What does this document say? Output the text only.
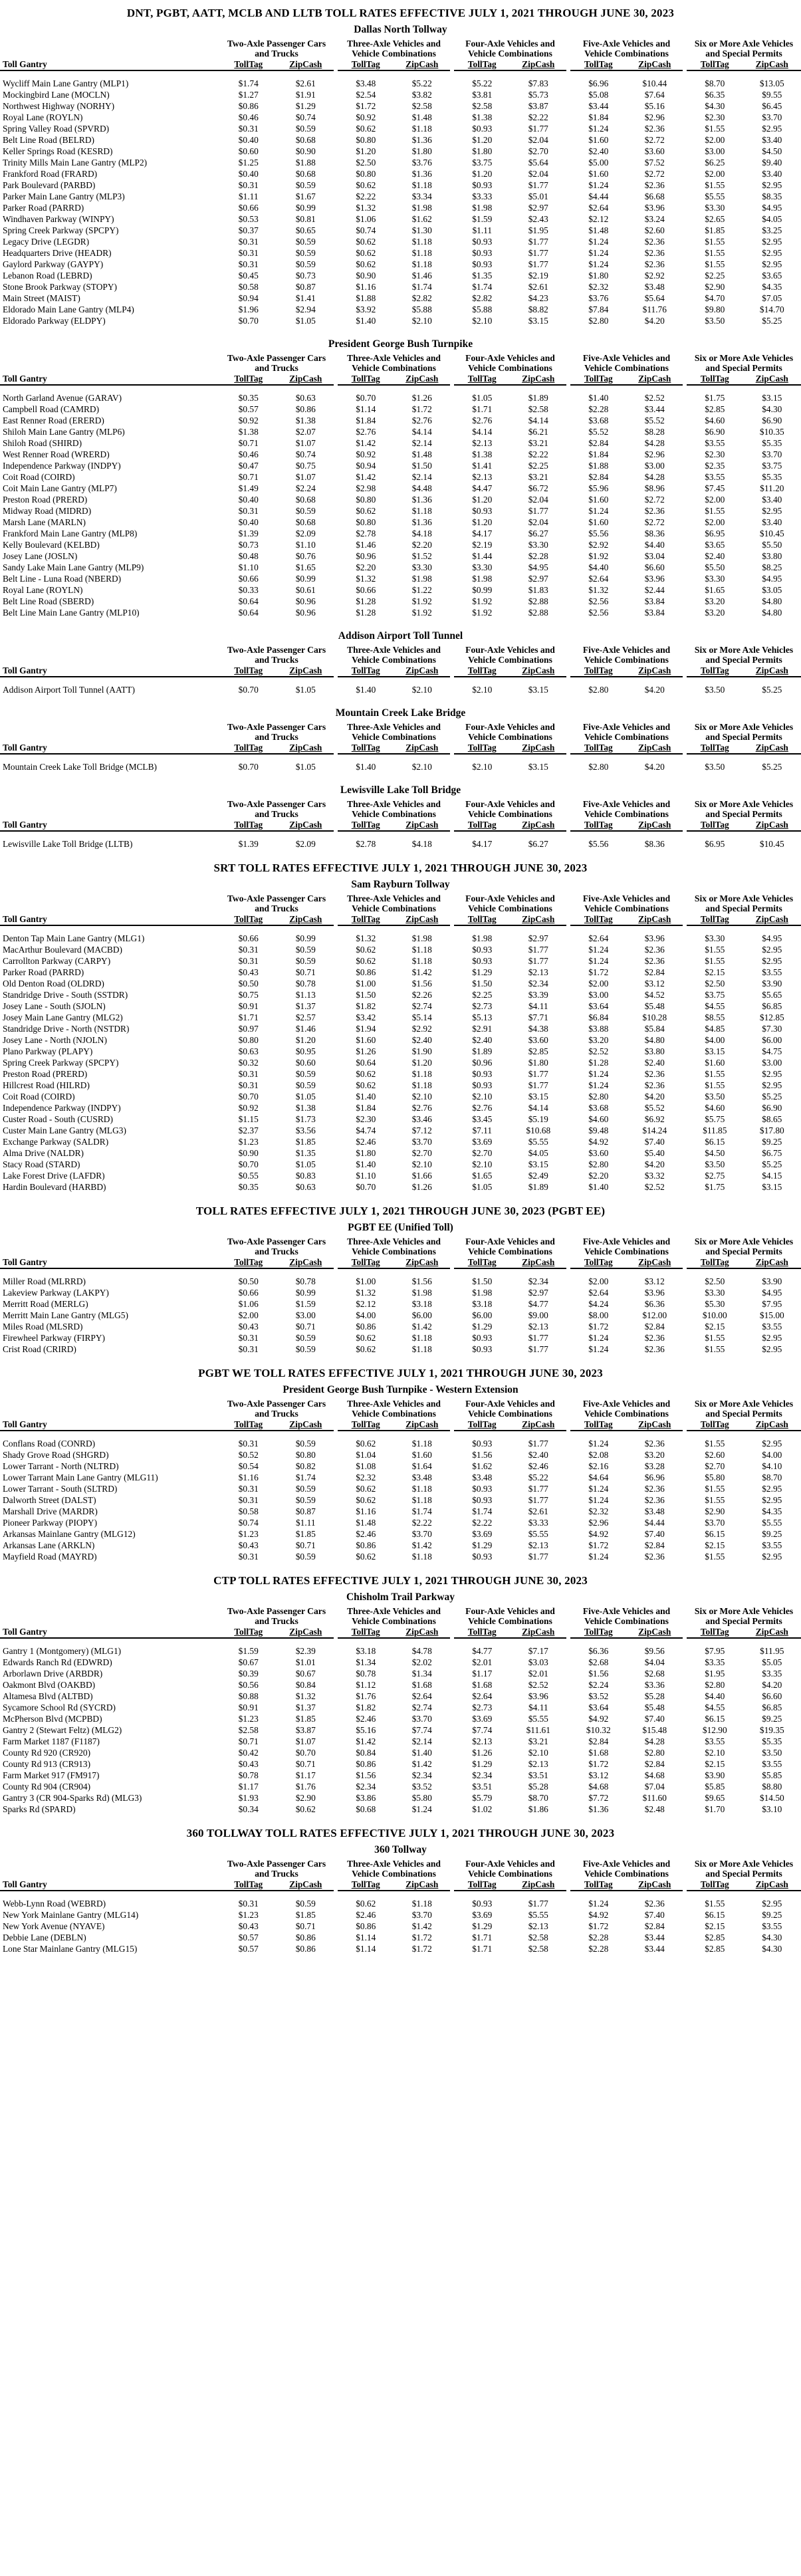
DNT, PGBT, AATT, MCLB AND LLTB TOLL RATES EFFECTIVE JULY 1, 2021 THROUGH JUNE 30, 2023
Dallas North Tollway
	Two-Axle Passenger Cars and Trucks		Three-Axle Vehicles and Vehicle Combinations		Four-Axle Vehicles and Vehicle Combinations		Five-Axle Vehicles and Vehicle Combinations		Six or More Axle Vehicles and Special Permits	
Toll Gantry	TollTag	ZipCash	TollTag	ZipCash	TollTag	ZipCash	TollTag	ZipCash	TollTag	ZipCash

Wycliff Main Lane Gantry (MLP1)	$1.74	$2.61	$3.48	$5.22	$5.22	$7.83	$6.96	$10.44	$8.70	$13.05
Mockingbird Lane (MOCLN)	$1.27	$1.91	$2.54	$3.82	$3.81	$5.73	$5.08	$7.64	$6.35	$9.55
Northwest Highway (NORHY)	$0.86	$1.29	$1.72	$2.58	$2.58	$3.87	$3.44	$5.16	$4.30	$6.45
Royal Lane (ROYLN)	$0.46	$0.74	$0.92	$1.48	$1.38	$2.22	$1.84	$2.96	$2.30	$3.70
Spring Valley Road (SPVRD)	$0.31	$0.59	$0.62	$1.18	$0.93	$1.77	$1.24	$2.36	$1.55	$2.95
Belt Line Road (BELRD)	$0.40	$0.68	$0.80	$1.36	$1.20	$2.04	$1.60	$2.72	$2.00	$3.40
Keller Springs Road (KESRD)	$0.60	$0.90	$1.20	$1.80	$1.80	$2.70	$2.40	$3.60	$3.00	$4.50
Trinity Mills Main Lane Gantry (MLP2)	$1.25	$1.88	$2.50	$3.76	$3.75	$5.64	$5.00	$7.52	$6.25	$9.40
Frankford Road (FRARD)	$0.40	$0.68	$0.80	$1.36	$1.20	$2.04	$1.60	$2.72	$2.00	$3.40
Park Boulevard (PARBD)	$0.31	$0.59	$0.62	$1.18	$0.93	$1.77	$1.24	$2.36	$1.55	$2.95
Parker Main Lane Gantry (MLP3)	$1.11	$1.67	$2.22	$3.34	$3.33	$5.01	$4.44	$6.68	$5.55	$8.35
Parker Road (PARRD)	$0.66	$0.99	$1.32	$1.98	$1.98	$2.97	$2.64	$3.96	$3.30	$4.95
Windhaven Parkway (WINPY)	$0.53	$0.81	$1.06	$1.62	$1.59	$2.43	$2.12	$3.24	$2.65	$4.05
Spring Creek Parkway (SPCPY)	$0.37	$0.65	$0.74	$1.30	$1.11	$1.95	$1.48	$2.60	$1.85	$3.25
Legacy Drive (LEGDR)	$0.31	$0.59	$0.62	$1.18	$0.93	$1.77	$1.24	$2.36	$1.55	$2.95
Headquarters Drive (HEADR)	$0.31	$0.59	$0.62	$1.18	$0.93	$1.77	$1.24	$2.36	$1.55	$2.95
Gaylord Parkway (GAYPY)	$0.31	$0.59	$0.62	$1.18	$0.93	$1.77	$1.24	$2.36	$1.55	$2.95
Lebanon Road (LEBRD)	$0.45	$0.73	$0.90	$1.46	$1.35	$2.19	$1.80	$2.92	$2.25	$3.65
Stone Brook Parkway (STOPY)	$0.58	$0.87	$1.16	$1.74	$1.74	$2.61	$2.32	$3.48	$2.90	$4.35
Main Street (MAIST)	$0.94	$1.41	$1.88	$2.82	$2.82	$4.23	$3.76	$5.64	$4.70	$7.05
Eldorado Main Lane Gantry (MLP4)	$1.96	$2.94	$3.92	$5.88	$5.88	$8.82	$7.84	$11.76	$9.80	$14.70
Eldorado Parkway (ELDPY)	$0.70	$1.05	$1.40	$2.10	$2.10	$3.15	$2.80	$4.20	$3.50	$5.25
President George Bush Turnpike
	Two-Axle Passenger Cars and Trucks		Three-Axle Vehicles and Vehicle Combinations		Four-Axle Vehicles and Vehicle Combinations		Five-Axle Vehicles and Vehicle Combinations		Six or More Axle Vehicles and Special Permits	
Toll Gantry	TollTag	ZipCash	TollTag	ZipCash	TollTag	ZipCash	TollTag	ZipCash	TollTag	ZipCash

North Garland Avenue (GARAV)	$0.35	$0.63	$0.70	$1.26	$1.05	$1.89	$1.40	$2.52	$1.75	$3.15
Campbell Road (CAMRD)	$0.57	$0.86	$1.14	$1.72	$1.71	$2.58	$2.28	$3.44	$2.85	$4.30
East Renner Road (ERERD)	$0.92	$1.38	$1.84	$2.76	$2.76	$4.14	$3.68	$5.52	$4.60	$6.90
Shiloh Main Lane Gantry (MLP6)	$1.38	$2.07	$2.76	$4.14	$4.14	$6.21	$5.52	$8.28	$6.90	$10.35
Shiloh Road (SHIRD)	$0.71	$1.07	$1.42	$2.14	$2.13	$3.21	$2.84	$4.28	$3.55	$5.35
West Renner Road (WRERD)	$0.46	$0.74	$0.92	$1.48	$1.38	$2.22	$1.84	$2.96	$2.30	$3.70
Independence Parkway (INDPY)	$0.47	$0.75	$0.94	$1.50	$1.41	$2.25	$1.88	$3.00	$2.35	$3.75
Coit Road (COIRD)	$0.71	$1.07	$1.42	$2.14	$2.13	$3.21	$2.84	$4.28	$3.55	$5.35
Coit Main Lane Gantry (MLP7)	$1.49	$2.24	$2.98	$4.48	$4.47	$6.72	$5.96	$8.96	$7.45	$11.20
Preston Road (PRERD)	$0.40	$0.68	$0.80	$1.36	$1.20	$2.04	$1.60	$2.72	$2.00	$3.40
Midway Road (MIDRD)	$0.31	$0.59	$0.62	$1.18	$0.93	$1.77	$1.24	$2.36	$1.55	$2.95
Marsh Lane (MARLN)	$0.40	$0.68	$0.80	$1.36	$1.20	$2.04	$1.60	$2.72	$2.00	$3.40
Frankford Main Lane Gantry (MLP8)	$1.39	$2.09	$2.78	$4.18	$4.17	$6.27	$5.56	$8.36	$6.95	$10.45
Kelly Boulevard (KELBD)	$0.73	$1.10	$1.46	$2.20	$2.19	$3.30	$2.92	$4.40	$3.65	$5.50
Josey Lane (JOSLN)	$0.48	$0.76	$0.96	$1.52	$1.44	$2.28	$1.92	$3.04	$2.40	$3.80
Sandy Lake Main Lane Gantry (MLP9)	$1.10	$1.65	$2.20	$3.30	$3.30	$4.95	$4.40	$6.60	$5.50	$8.25
Belt Line - Luna Road (NBERD)	$0.66	$0.99	$1.32	$1.98	$1.98	$2.97	$2.64	$3.96	$3.30	$4.95
Royal Lane (ROYLN)	$0.33	$0.61	$0.66	$1.22	$0.99	$1.83	$1.32	$2.44	$1.65	$3.05
Belt Line Road (SBERD)	$0.64	$0.96	$1.28	$1.92	$1.92	$2.88	$2.56	$3.84	$3.20	$4.80
Belt Line Main Lane Gantry (MLP10)	$0.64	$0.96	$1.28	$1.92	$1.92	$2.88	$2.56	$3.84	$3.20	$4.80
Addison Airport Toll Tunnel
	Two-Axle Passenger Cars and Trucks		Three-Axle Vehicles and Vehicle Combinations		Four-Axle Vehicles and Vehicle Combinations		Five-Axle Vehicles and Vehicle Combinations		Six or More Axle Vehicles and Special Permits	
Toll Gantry	TollTag	ZipCash	TollTag	ZipCash	TollTag	ZipCash	TollTag	ZipCash	TollTag	ZipCash

Addison Airport Toll Tunnel (AATT)	$0.70	$1.05	$1.40	$2.10	$2.10	$3.15	$2.80	$4.20	$3.50	$5.25
Mountain Creek Lake Bridge
	Two-Axle Passenger Cars and Trucks		Three-Axle Vehicles and Vehicle Combinations		Four-Axle Vehicles and Vehicle Combinations		Five-Axle Vehicles and Vehicle Combinations		Six or More Axle Vehicles and Special Permits	
Toll Gantry	TollTag	ZipCash	TollTag	ZipCash	TollTag	ZipCash	TollTag	ZipCash	TollTag	ZipCash

Mountain Creek Lake Toll Bridge (MCLB)	$0.70	$1.05	$1.40	$2.10	$2.10	$3.15	$2.80	$4.20	$3.50	$5.25
Lewisville Lake Toll Bridge
	Two-Axle Passenger Cars and Trucks		Three-Axle Vehicles and Vehicle Combinations		Four-Axle Vehicles and Vehicle Combinations		Five-Axle Vehicles and Vehicle Combinations		Six or More Axle Vehicles and Special Permits	
Toll Gantry	TollTag	ZipCash	TollTag	ZipCash	TollTag	ZipCash	TollTag	ZipCash	TollTag	ZipCash

Lewisville Lake Toll Bridge (LLTB)	$1.39	$2.09	$2.78	$4.18	$4.17	$6.27	$5.56	$8.36	$6.95	$10.45
SRT TOLL RATES EFFECTIVE JULY 1, 2021 THROUGH JUNE 30, 2023
Sam Rayburn Tollway
	Two-Axle Passenger Cars and Trucks		Three-Axle Vehicles and Vehicle Combinations		Four-Axle Vehicles and Vehicle Combinations		Five-Axle Vehicles and Vehicle Combinations		Six or More Axle Vehicles and Special Permits	
Toll Gantry	TollTag	ZipCash	TollTag	ZipCash	TollTag	ZipCash	TollTag	ZipCash	TollTag	ZipCash

Denton Tap Main Lane Gantry (MLG1)	$0.66	$0.99	$1.32	$1.98	$1.98	$2.97	$2.64	$3.96	$3.30	$4.95
MacArthur Boulevard (MACBD)	$0.31	$0.59	$0.62	$1.18	$0.93	$1.77	$1.24	$2.36	$1.55	$2.95
Carrollton Parkway (CARPY)	$0.31	$0.59	$0.62	$1.18	$0.93	$1.77	$1.24	$2.36	$1.55	$2.95
Parker Road (PARRD)	$0.43	$0.71	$0.86	$1.42	$1.29	$2.13	$1.72	$2.84	$2.15	$3.55
Old Denton Road (OLDRD)	$0.50	$0.78	$1.00	$1.56	$1.50	$2.34	$2.00	$3.12	$2.50	$3.90
Standridge Drive - South (SSTDR)	$0.75	$1.13	$1.50	$2.26	$2.25	$3.39	$3.00	$4.52	$3.75	$5.65
Josey Lane - South (SJOLN)	$0.91	$1.37	$1.82	$2.74	$2.73	$4.11	$3.64	$5.48	$4.55	$6.85
Josey Main Lane Gantry (MLG2)	$1.71	$2.57	$3.42	$5.14	$5.13	$7.71	$6.84	$10.28	$8.55	$12.85
Standridge Drive - North (NSTDR)	$0.97	$1.46	$1.94	$2.92	$2.91	$4.38	$3.88	$5.84	$4.85	$7.30
Josey Lane - North (NJOLN)	$0.80	$1.20	$1.60	$2.40	$2.40	$3.60	$3.20	$4.80	$4.00	$6.00
Plano Parkway (PLAPY)	$0.63	$0.95	$1.26	$1.90	$1.89	$2.85	$2.52	$3.80	$3.15	$4.75
Spring Creek Parkway (SPCPY)	$0.32	$0.60	$0.64	$1.20	$0.96	$1.80	$1.28	$2.40	$1.60	$3.00
Preston Road (PRERD)	$0.31	$0.59	$0.62	$1.18	$0.93	$1.77	$1.24	$2.36	$1.55	$2.95
Hillcrest Road (HILRD)	$0.31	$0.59	$0.62	$1.18	$0.93	$1.77	$1.24	$2.36	$1.55	$2.95
Coit Road (COIRD)	$0.70	$1.05	$1.40	$2.10	$2.10	$3.15	$2.80	$4.20	$3.50	$5.25
Independence Parkway (INDPY)	$0.92	$1.38	$1.84	$2.76	$2.76	$4.14	$3.68	$5.52	$4.60	$6.90
Custer Road - South (CUSRD)	$1.15	$1.73	$2.30	$3.46	$3.45	$5.19	$4.60	$6.92	$5.75	$8.65
Custer Main Lane Gantry (MLG3)	$2.37	$3.56	$4.74	$7.12	$7.11	$10.68	$9.48	$14.24	$11.85	$17.80
Exchange Parkway (SALDR)	$1.23	$1.85	$2.46	$3.70	$3.69	$5.55	$4.92	$7.40	$6.15	$9.25
Alma Drive (NALDR)	$0.90	$1.35	$1.80	$2.70	$2.70	$4.05	$3.60	$5.40	$4.50	$6.75
Stacy Road (STARD)	$0.70	$1.05	$1.40	$2.10	$2.10	$3.15	$2.80	$4.20	$3.50	$5.25
Lake Forest Drive (LAFDR)	$0.55	$0.83	$1.10	$1.66	$1.65	$2.49	$2.20	$3.32	$2.75	$4.15
Hardin Boulevard (HARBD)	$0.35	$0.63	$0.70	$1.26	$1.05	$1.89	$1.40	$2.52	$1.75	$3.15
TOLL RATES EFFECTIVE JULY 1, 2021 THROUGH JUNE 30, 2023 (PGBT EE)
PGBT EE (Unified Toll)
	Two-Axle Passenger Cars and Trucks		Three-Axle Vehicles and Vehicle Combinations		Four-Axle Vehicles and Vehicle Combinations		Five-Axle Vehicles and Vehicle Combinations		Six or More Axle Vehicles and Special Permits	
Toll Gantry	TollTag	ZipCash	TollTag	ZipCash	TollTag	ZipCash	TollTag	ZipCash	TollTag	ZipCash

Miller Road (MLRRD)	$0.50	$0.78	$1.00	$1.56	$1.50	$2.34	$2.00	$3.12	$2.50	$3.90
Lakeview Parkway (LAKPY)	$0.66	$0.99	$1.32	$1.98	$1.98	$2.97	$2.64	$3.96	$3.30	$4.95
Merritt Road (MERLG)	$1.06	$1.59	$2.12	$3.18	$3.18	$4.77	$4.24	$6.36	$5.30	$7.95
Merritt Main Lane Gantry (MLG5)	$2.00	$3.00	$4.00	$6.00	$6.00	$9.00	$8.00	$12.00	$10.00	$15.00
Miles Road (MLSRD)	$0.43	$0.71	$0.86	$1.42	$1.29	$2.13	$1.72	$2.84	$2.15	$3.55
Firewheel Parkway (FIRPY)	$0.31	$0.59	$0.62	$1.18	$0.93	$1.77	$1.24	$2.36	$1.55	$2.95
Crist Road (CRIRD)	$0.31	$0.59	$0.62	$1.18	$0.93	$1.77	$1.24	$2.36	$1.55	$2.95
PGBT WE TOLL RATES EFFECTIVE JULY 1, 2021 THROUGH JUNE 30, 2023
President George Bush Turnpike - Western Extension
	Two-Axle Passenger Cars and Trucks		Three-Axle Vehicles and Vehicle Combinations		Four-Axle Vehicles and Vehicle Combinations		Five-Axle Vehicles and Vehicle Combinations		Six or More Axle Vehicles and Special Permits	
Toll Gantry	TollTag	ZipCash	TollTag	ZipCash	TollTag	ZipCash	TollTag	ZipCash	TollTag	ZipCash

Conflans Road (CONRD)	$0.31	$0.59	$0.62	$1.18	$0.93	$1.77	$1.24	$2.36	$1.55	$2.95
Shady Grove Road (SHGRD)	$0.52	$0.80	$1.04	$1.60	$1.56	$2.40	$2.08	$3.20	$2.60	$4.00
Lower Tarrant - North (NLTRD)	$0.54	$0.82	$1.08	$1.64	$1.62	$2.46	$2.16	$3.28	$2.70	$4.10
Lower Tarrant Main Lane Gantry (MLG11)	$1.16	$1.74	$2.32	$3.48	$3.48	$5.22	$4.64	$6.96	$5.80	$8.70
Lower Tarrant - South (SLTRD)	$0.31	$0.59	$0.62	$1.18	$0.93	$1.77	$1.24	$2.36	$1.55	$2.95
Dalworth Street (DALST)	$0.31	$0.59	$0.62	$1.18	$0.93	$1.77	$1.24	$2.36	$1.55	$2.95
Marshall Drive (MARDR)	$0.58	$0.87	$1.16	$1.74	$1.74	$2.61	$2.32	$3.48	$2.90	$4.35
Pioneer Parkway (PIOPY)	$0.74	$1.11	$1.48	$2.22	$2.22	$3.33	$2.96	$4.44	$3.70	$5.55
Arkansas Mainlane Gantry (MLG12)	$1.23	$1.85	$2.46	$3.70	$3.69	$5.55	$4.92	$7.40	$6.15	$9.25
Arkansas Lane (ARKLN)	$0.43	$0.71	$0.86	$1.42	$1.29	$2.13	$1.72	$2.84	$2.15	$3.55
Mayfield Road (MAYRD)	$0.31	$0.59	$0.62	$1.18	$0.93	$1.77	$1.24	$2.36	$1.55	$2.95
CTP TOLL RATES EFFECTIVE JULY 1, 2021 THROUGH JUNE 30, 2023
Chisholm Trail Parkway
	Two-Axle Passenger Cars and Trucks		Three-Axle Vehicles and Vehicle Combinations		Four-Axle Vehicles and Vehicle Combinations		Five-Axle Vehicles and Vehicle Combinations		Six or More Axle Vehicles and Special Permits	
Toll Gantry	TollTag	ZipCash	TollTag	ZipCash	TollTag	ZipCash	TollTag	ZipCash	TollTag	ZipCash

Gantry 1 (Montgomery) (MLG1)	$1.59	$2.39	$3.18	$4.78	$4.77	$7.17	$6.36	$9.56	$7.95	$11.95
Edwards Ranch Rd (EDWRD)	$0.67	$1.01	$1.34	$2.02	$2.01	$3.03	$2.68	$4.04	$3.35	$5.05
Arborlawn Drive (ARBDR)	$0.39	$0.67	$0.78	$1.34	$1.17	$2.01	$1.56	$2.68	$1.95	$3.35
Oakmont Blvd (OAKBD)	$0.56	$0.84	$1.12	$1.68	$1.68	$2.52	$2.24	$3.36	$2.80	$4.20
Altamesa Blvd (ALTBD)	$0.88	$1.32	$1.76	$2.64	$2.64	$3.96	$3.52	$5.28	$4.40	$6.60
Sycamore School Rd (SYCRD)	$0.91	$1.37	$1.82	$2.74	$2.73	$4.11	$3.64	$5.48	$4.55	$6.85
McPherson Blvd (MCPBD)	$1.23	$1.85	$2.46	$3.70	$3.69	$5.55	$4.92	$7.40	$6.15	$9.25
Gantry 2 (Stewart Feltz) (MLG2)	$2.58	$3.87	$5.16	$7.74	$7.74	$11.61	$10.32	$15.48	$12.90	$19.35
Farm Market 1187 (F1187)	$0.71	$1.07	$1.42	$2.14	$2.13	$3.21	$2.84	$4.28	$3.55	$5.35
County Rd 920 (CR920)	$0.42	$0.70	$0.84	$1.40	$1.26	$2.10	$1.68	$2.80	$2.10	$3.50
County Rd 913 (CR913)	$0.43	$0.71	$0.86	$1.42	$1.29	$2.13	$1.72	$2.84	$2.15	$3.55
Farm Market 917 (FM917)	$0.78	$1.17	$1.56	$2.34	$2.34	$3.51	$3.12	$4.68	$3.90	$5.85
County Rd 904 (CR904)	$1.17	$1.76	$2.34	$3.52	$3.51	$5.28	$4.68	$7.04	$5.85	$8.80
Gantry 3 (CR 904-Sparks Rd) (MLG3)	$1.93	$2.90	$3.86	$5.80	$5.79	$8.70	$7.72	$11.60	$9.65	$14.50
Sparks Rd (SPARD)	$0.34	$0.62	$0.68	$1.24	$1.02	$1.86	$1.36	$2.48	$1.70	$3.10
360 TOLLWAY TOLL RATES EFFECTIVE JULY 1, 2021 THROUGH JUNE 30, 2023
360 Tollway
	Two-Axle Passenger Cars and Trucks		Three-Axle Vehicles and Vehicle Combinations		Four-Axle Vehicles and Vehicle Combinations		Five-Axle Vehicles and Vehicle Combinations		Six or More Axle Vehicles and Special Permits	
Toll Gantry	TollTag	ZipCash	TollTag	ZipCash	TollTag	ZipCash	TollTag	ZipCash	TollTag	ZipCash

Webb-Lynn Road (WEBRD)	$0.31	$0.59	$0.62	$1.18	$0.93	$1.77	$1.24	$2.36	$1.55	$2.95
New York Mainlane Gantry (MLG14)	$1.23	$1.85	$2.46	$3.70	$3.69	$5.55	$4.92	$7.40	$6.15	$9.25
New York Avenue (NYAVE)	$0.43	$0.71	$0.86	$1.42	$1.29	$2.13	$1.72	$2.84	$2.15	$3.55
Debbie Lane (DEBLN)	$0.57	$0.86	$1.14	$1.72	$1.71	$2.58	$2.28	$3.44	$2.85	$4.30
Lone Star Mainlane Gantry (MLG15)	$0.57	$0.86	$1.14	$1.72	$1.71	$2.58	$2.28	$3.44	$2.85	$4.30
